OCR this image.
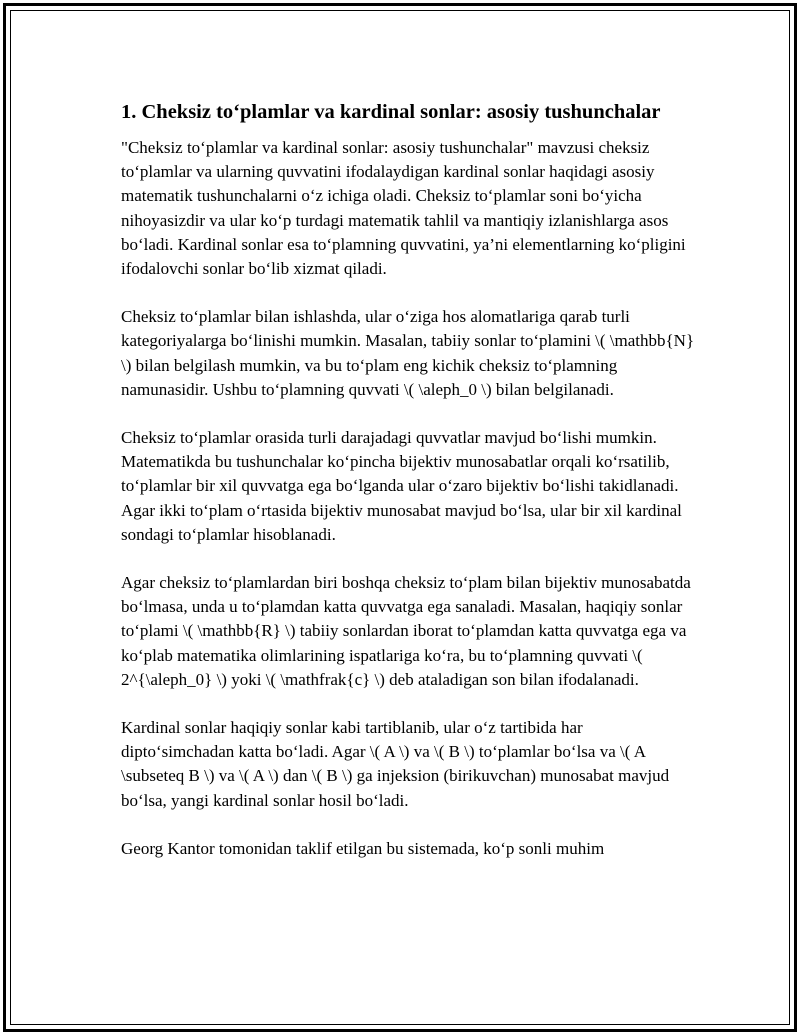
1. Cheksiz to‘plamlar va kardinal sonlar: asosiy tushunchalar

"Cheksiz to‘plamlar va kardinal sonlar: asosiy tushunchalar" mavzusi cheksiz to‘plamlar va ularning quvvatini ifodalaydigan kardinal sonlar haqidagi asosiy matematik tushunchalarni o‘z ichiga oladi. Cheksiz to‘plamlar soni bo‘yicha nihoyasizdir va ular ko‘p turdagi matematik tahlil va mantiqiy izlanishlarga asos bo‘ladi. Kardinal sonlar esa to‘plamning quvvatini, ya’ni elementlarning ko‘pligini ifodalovchi sonlar bo‘lib xizmat qiladi.

Cheksiz to‘plamlar bilan ishlashda, ular o‘ziga hos alomatlariga qarab turli kategoriyalarga bo‘linishi mumkin. Masalan, tabiiy sonlar to‘plamini \( \mathbb{N} \) bilan belgilash mumkin, va bu to‘plam eng kichik cheksiz to‘plamning namunasidir. Ushbu to‘plamning quvvati \( \aleph_0 \) bilan belgilanadi.

Cheksiz to‘plamlar orasida turli darajadagi quvvatlar mavjud bo‘lishi mumkin. Matematikda bu tushunchalar ko‘pincha bijektiv munosabatlar orqali ko‘rsatilib, to‘plamlar bir xil quvvatga ega bo‘lganda ular o‘zaro bijektiv bo‘lishi takidlanadi. Agar ikki to‘plam o‘rtasida bijektiv munosabat mavjud bo‘lsa, ular bir xil kardinal sondagi to‘plamlar hisoblanadi.

Agar cheksiz to‘plamlardan biri boshqa cheksiz to‘plam bilan bijektiv munosabatda bo‘lmasa, unda u to‘plamdan katta quvvatga ega sanaladi. Masalan, haqiqiy sonlar to‘plami \( \mathbb{R} \) tabiiy sonlardan iborat to‘plamdan katta quvvatga ega va ko‘plab matematika olimlarining ispatlariga ko‘ra, bu to‘plamning quvvati \( 2^{\aleph_0} \) yoki \( \mathfrak{c} \) deb ataladigan son bilan ifodalanadi.

Kardinal sonlar haqiqiy sonlar kabi tartiblanib, ular o‘z tartibida har dipto‘simchadan katta bo‘ladi. Agar \( A \) va \( B \) to‘plamlar bo‘lsa va \( A \subseteq B \) va \( A \) dan \( B \) ga injeksion (birikuvchan) munosabat mavjud bo‘lsa, yangi kardinal sonlar hosil bo‘ladi.

Georg Kantor tomonidan taklif etilgan bu sistemada, ko‘p sonli muhim
